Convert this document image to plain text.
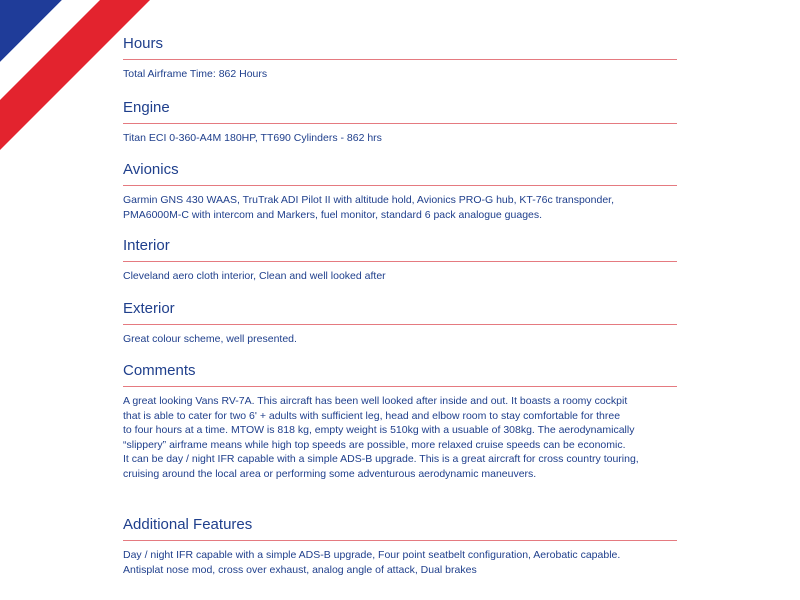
Hours

Total Airframe Time: 862 Hours

Engine

Titan ECI 0-360-A4M 180HP, TT690 Cylinders - 862 hrs

Avionics

Garmin GNS 430 WAAS, TruTrak ADI Pilot II with altitude hold, Avionics PRO-G hub, KT-76c transponder,

PMA6000M-C with intercom and Markers, fuel monitor, standard 6 pack analogue guages.

Interior

Cleveland aero cloth interior, Clean and well looked after

Exterior

Great colour scheme, well presented.

Comments

A great looking Vans RV-7A. This aircraft has been well looked after inside and out. It boasts a roomy cockpit

that is able to cater for two 6' + adults with sufficient leg, head and elbow room to stay comfortable for three

to four hours at a time. MTOW is 818 kg, empty weight is 510kg with a usuable of 308kg. The aerodynamically

“slippery” airframe means while high top speeds are possible, more relaxed cruise speeds can be economic.

It can be day / night IFR capable with a simple ADS-B upgrade. This is a great aircraft for cross country touring,

cruising around the local area or performing some adventurous aerodynamic maneuvers.

Additional Features

Day / night IFR capable with a simple ADS-B upgrade, Four point seatbelt configuration, Aerobatic capable.

Antisplat nose mod, cross over exhaust, analog angle of attack, Dual brakes
